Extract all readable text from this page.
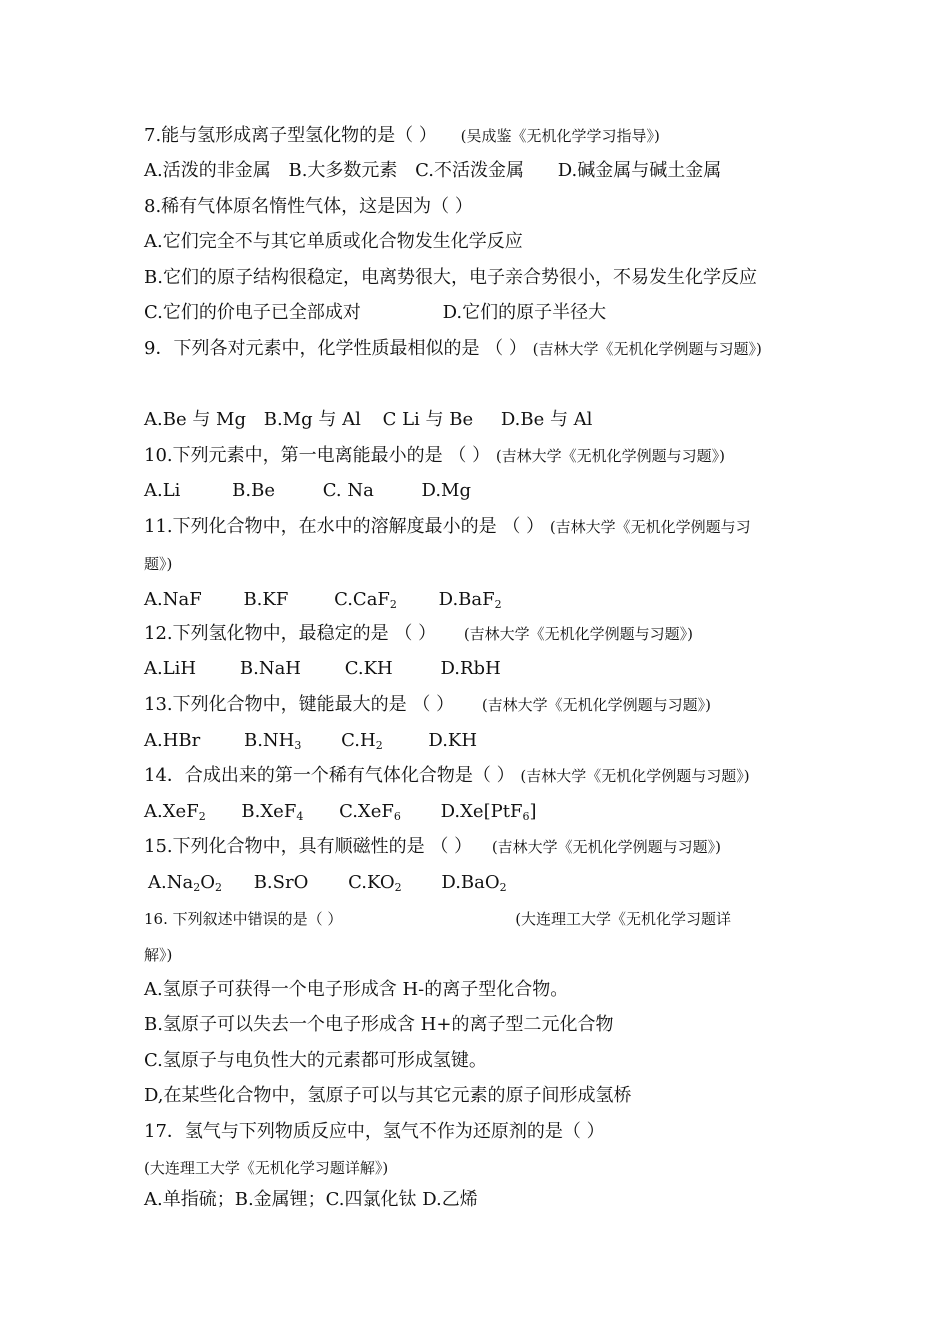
7.能与氢形成离子型氢化物的是（ ） (吴成鉴《无机化学学习指导》)
A.活泼的非金属 B.大多数元素 C.不活泼金属 D.碱金属与碱土金属
8.稀有气体原名惰性气体，这是因为（ ）
A.它们完全不与其它单质或化合物发生化学反应
B.它们的原子结构很稳定，电离势很大，电子亲合势很小，不易发生化学反应
C.它们的价电子已全部成对	D.它们的原子半径大
9．下列各对元素中，化学性质最相似的是 （ ） (吉林大学《无机化学例题与习题》)
A.Be 与 Mg B.Mg 与 Al C Li 与 Be D.Be 与 Al
10.下列元素中，第一电离能最小的是 （ ） (吉林大学《无机化学例题与习题》)
A.Li	B.Be	C. Na	D.Mg
11.下列化合物中，在水中的溶解度最小的是 （ ） (吉林大学《无机化学例题与习
题》)
A.NaF B.KF	C.CaF$_2$ D.BaF$_2$
12.下列氢化物中，最稳定的是 （ ） (吉林大学《无机化学例题与习题》)
A.LiH B.NaH C.KH	D.RbH
13.下列化合物中，键能最大的是 （ ） (吉林大学《无机化学例题与习题》)
A.HBr $B.NH_3$ $C.H_2$	D.KH
14．合成出来的第一个稀有气体化合物是（ ） (吉林大学《无机化学例题与习题》)
A.XeF$_2$ B.XeF$_4$ C.XeF$_6$ D.Xe[PtF$_6$]
15.下列化合物中，具有顺磁性的是 （ ） (吉林大学《无机化学例题与习题》)
$A.Na_2O_2$ B.SrO $C.KO_2$ D.BaO$_2$
16. 下列叙述中错误的是（ ）	(大连理工大学《无机化学习题详
解》)
A.氢原子可获得一个电子形成含 H-的离子型化合物。
B.氢原子可以失去一个电子形成含 H+的离子型二元化合物
C.氢原子与电负性大的元素都可形成氢键。
D,在某些化合物中，氢原子可以与其它元素的原子间形成氢桥
17．氢气与下列物质反应中，氢气不作为还原剂的是（ ）
(大连理工大学《无机化学习题详解》)
A.单指硫；B.金属锂；C.四氯化钛 D.乙烯
